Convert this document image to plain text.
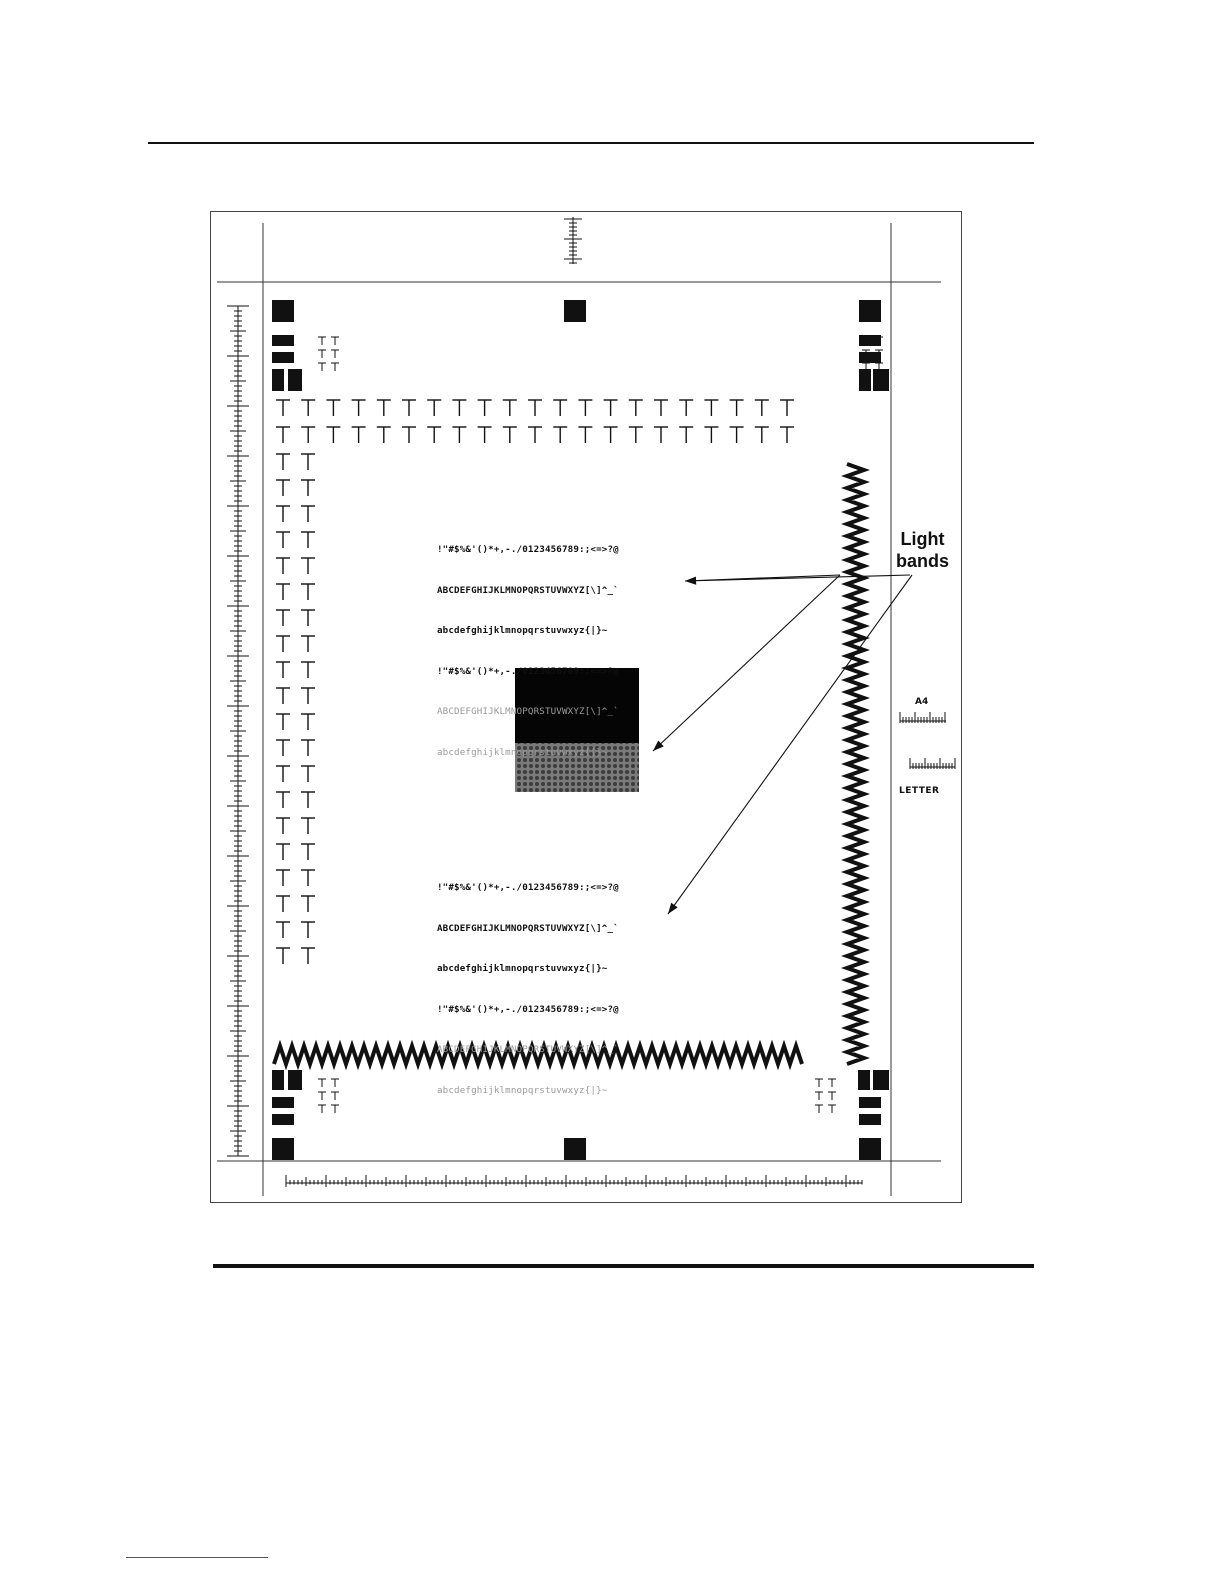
!"#$%&'()*+,-./0123456789:;<=>?@

ABCDEFGHIJKLMNOPQRSTUVWXYZ[\]^_`

abcdefghijklmnopqrstuvwxyz{|}~

!"#$%&'()*+,-./0123456789:;<=>?@

ABCDEFGHIJKLMNOPQRSTUVWXYZ[\]^_`

abcdefghijklmnopqrstuvwxyz{|}~

!"#$%&'()*+,-./0123456789:;<=>?@

ABCDEFGHIJKLMNOPQRSTUVWXYZ[\]^_`

abcdefghijklmnopqrstuvwxyz{|}~

!"#$%&'()*+,-./0123456789:;<=>?@

ABCDEFGHIJKLMNOPQRSTUVWXYZ[\]^_`

abcdefghijklmnopqrstuvwxyz{|}~

Light
bands
A4
LETTER
